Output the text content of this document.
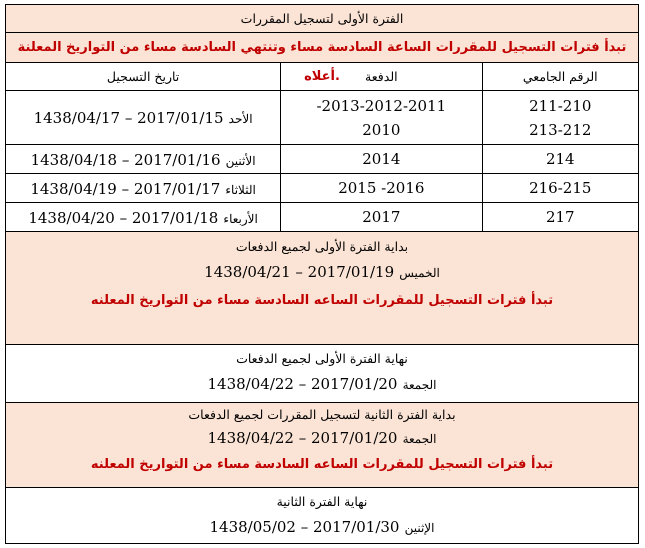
الفترة الأولى لتسجيل المقررات
تبدأ فترات التسجيل للمقررات الساعة السادسة مساء وتنتهي السادسة مساء من التواريخ المعلنة أعلاه.	الرقم الجامعي
الدفعة
تاريخ التسجيل
211-210
213-212
2013-2012-2011-
2010
الأحد 2017/01/15 – 1438/04/17
214
2014
الأثنين 2017/01/16 – 1438/04/18
216-215
2016- 2015
الثلاثاء 2017/01/17 – 1438/04/19
217
2017
الأربعاء 2017/01/18 – 1438/04/20
بداية الفترة الأولى لجميع الدفعات
الخميس 2017/01/19 – 1438/04/21
تبدأ فترات التسجيل للمقررات الساعه السادسة مساء من التواريخ المعلنه
نهاية الفترة الأولى لجميع الدفعات
الجمعة 2017/01/20 – 1438/04/22
بداية الفترة الثانية لتسجيل المقررات لجميع الدفعات
الجمعة 2017/01/20 – 1438/04/22
تبدأ فترات التسجيل للمقررات الساعه السادسة مساء من التواريخ المعلنه
نهاية الفترة الثانية
الإثنين 2017/01/30 – 1438/05/02
